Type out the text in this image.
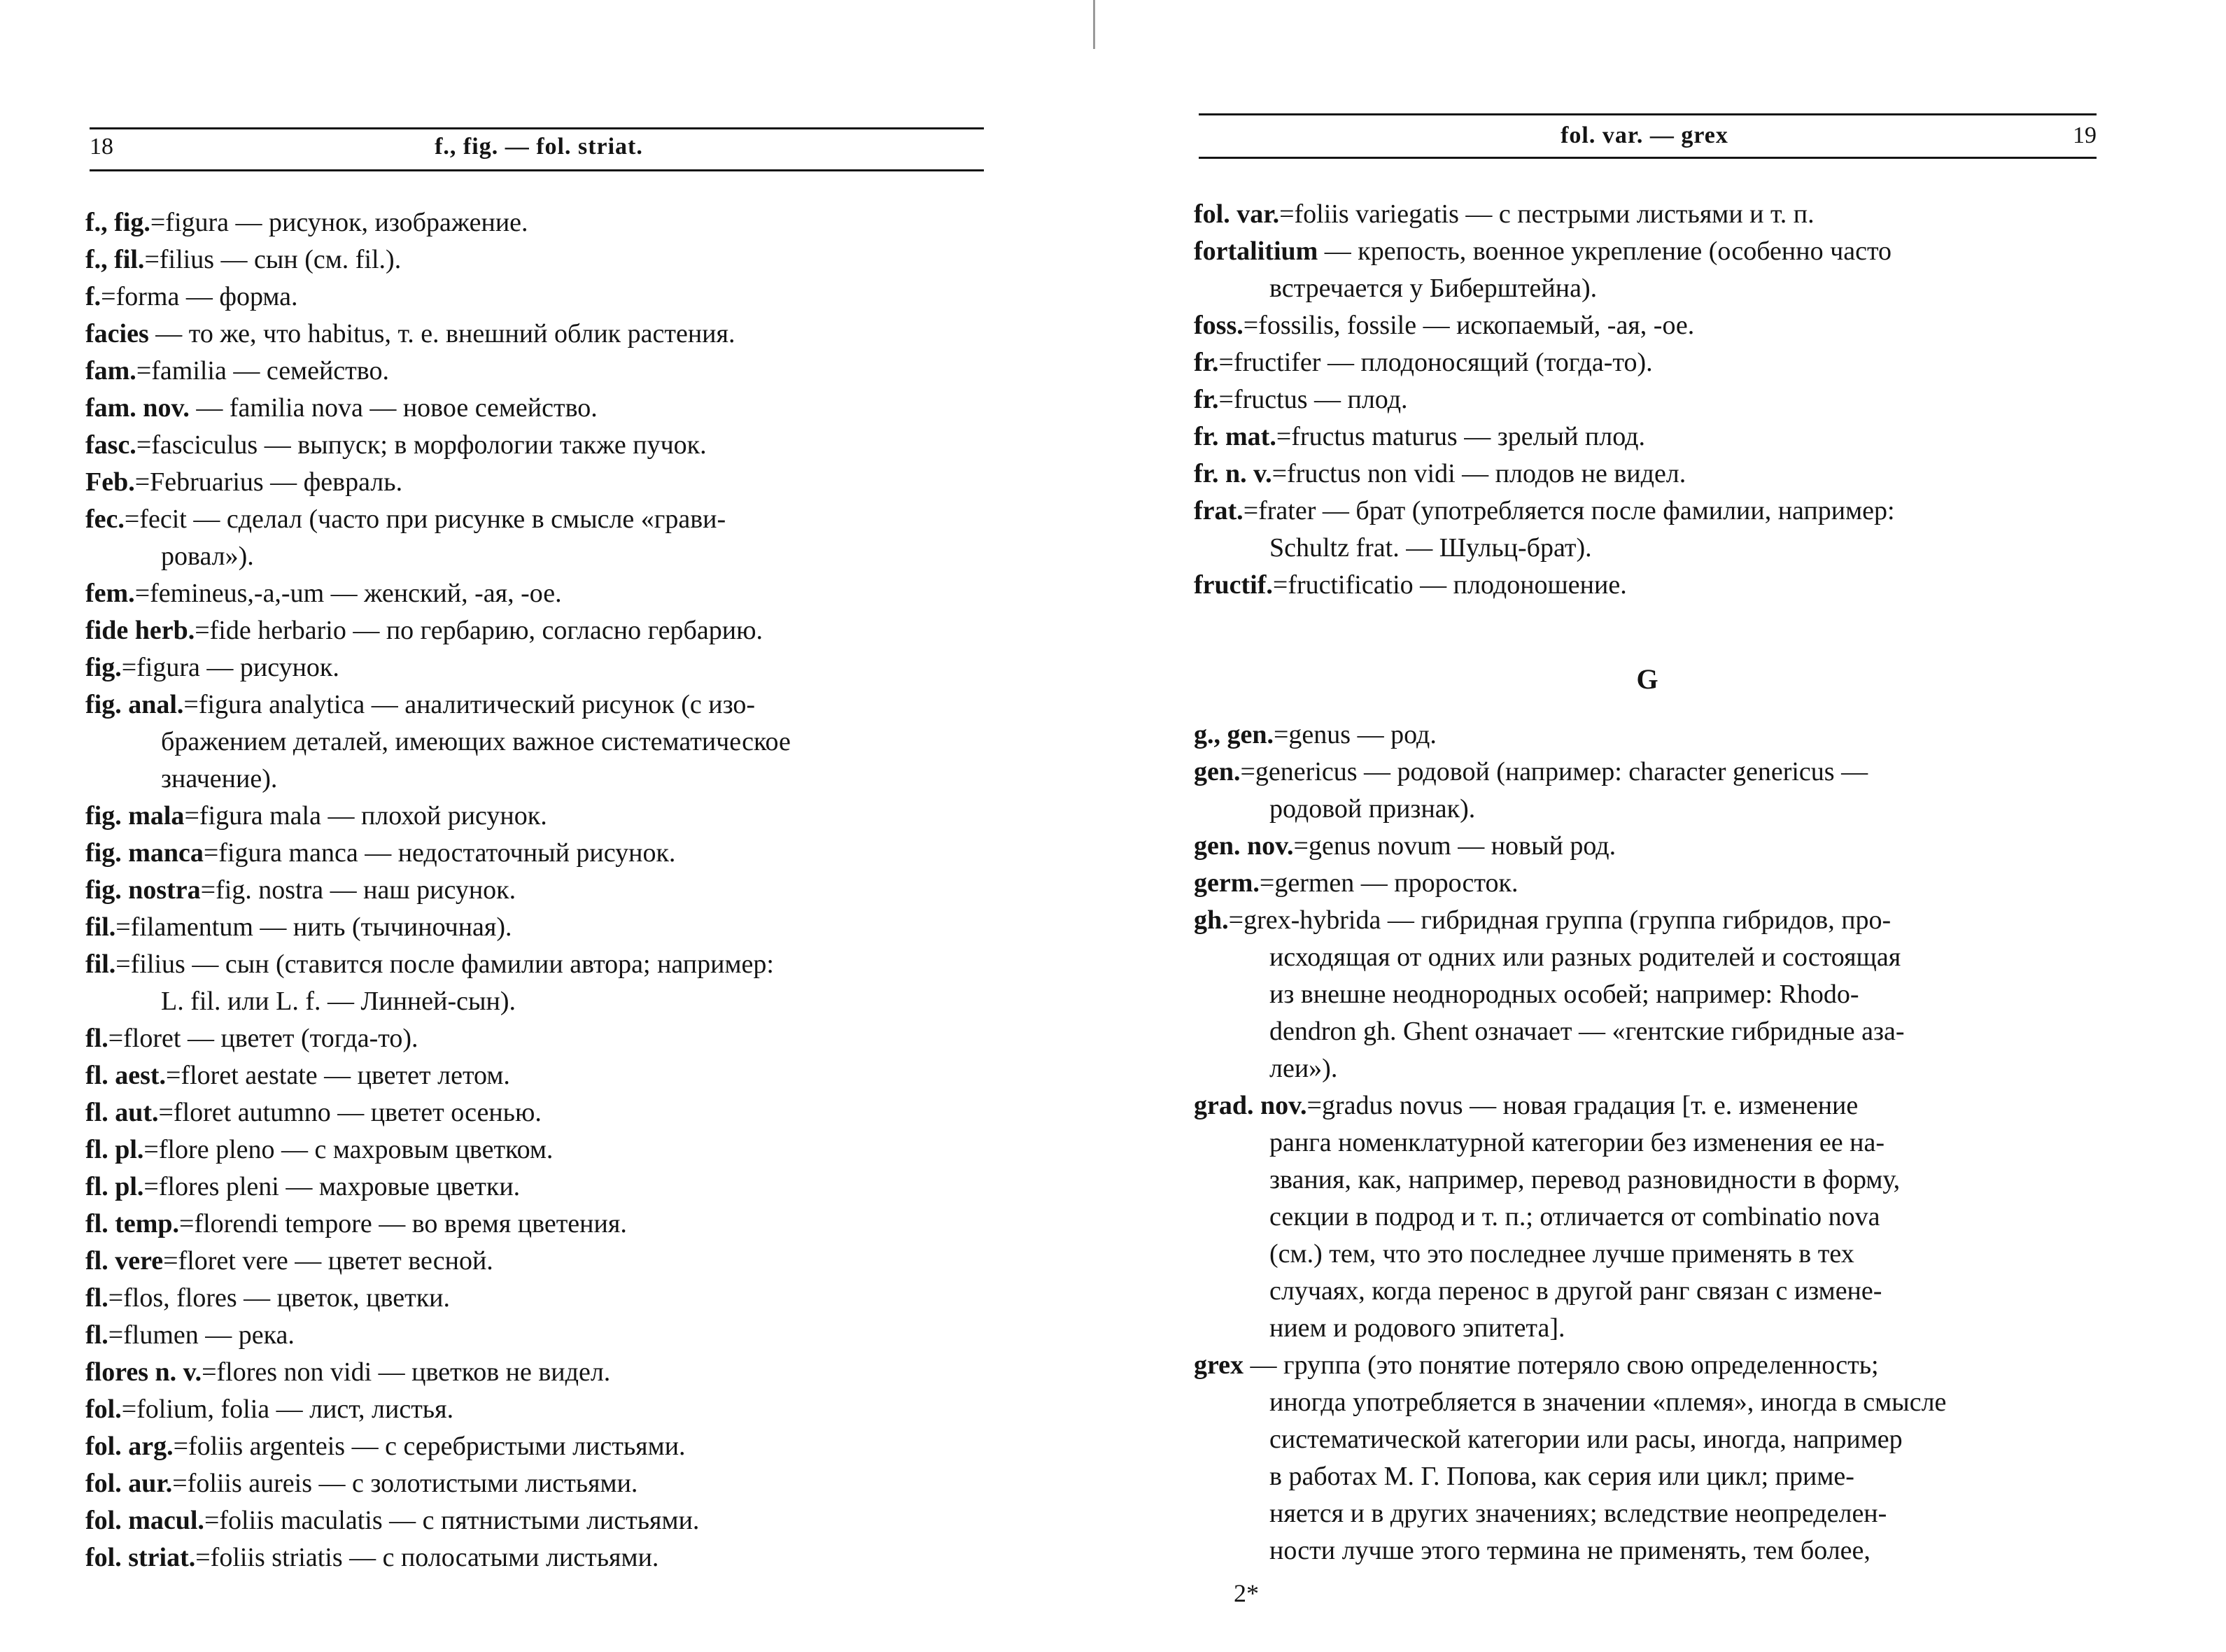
18	f., fig. — fol. striat.

f., fig.=figura — рисунок, изображение.

f., fil.=filius — сын (см. fil.).

f.=forma — форма.

facies — то же, что habitus, т. е. внешний облик растения.

fam.=familia — семейство.

fam. nov. — familia nova — новое семейство.

fasc.=fasciculus — выпуск; в морфологии также пучок.

Feb.=Februarius — февраль.

fec.=fecit — сделал (часто при рисунке в смысле «грави-

ровал»).

fem.=femineus,-a,-um — женский, -ая, -ое.

fide herb.=fide herbario — по гербарию, согласно гербарию.

fig.=figura — рисунок.

fig. anal.=figura analytica — аналитический рисунок (с изо-

бражением деталей, имеющих важное систематическое

значение).

fig. mala=figura mala — плохой рисунок.

fig. manca=figura manca — недостаточный рисунок.

fig. nostra=fig. nostra — наш рисунок.

fil.=filamentum — нить (тычиночная).

fil.=filius — сын (ставится после фамилии автора; например:

L. fil. или L. f. — Линней-сын).

fl.=floret — цветет (тогда-то).

fl. aest.=floret aestate — цветет летом.

fl. aut.=floret autumno — цветет осенью.

fl. pl.=flore pleno — с махровым цветком.

fl. pl.=flores pleni — махровые цветки.

fl. temp.=florendi tempore — во время цветения.

fl. vere=floret vere — цветет весной.

fl.=flos, flores — цветок, цветки.

fl.=flumen — река.

flores n. v.=flores non vidi — цветков не видел.

fol.=folium, folia — лист, листья.

fol. arg.=foliis argenteis — с серебристыми листьями.

fol. aur.=foliis aureis — с золотистыми листьями.

fol. macul.=foliis maculatis — с пятнистыми листьями.

fol. striat.=foliis striatis — с полосатыми листьями.

fol. var. — grex	19

fol. var.=foliis variegatis — с пестрыми листьями и т. п.

fortalitium — крепость, военное укрепление (особенно часто

встречается у Биберштейна).

foss.=fossilis, fossile — ископаемый, -ая, -ое.

fr.=fructifer — плодоносящий (тогда-то).

fr.=fructus — плод.

fr. mat.=fructus maturus — зрелый плод.

fr. n. v.=fructus non vidi — плодов не видел.

frat.=frater — брат (употребляется после фамилии, например:

Schultz frat. — Шульц-брат).

fructif.=fructificatio — плодоношение.

G

g., gen.=genus — род.

gen.=genericus — родовой (например: character genericus —

родовой признак).

gen. nov.=genus novum — новый род.

germ.=germen — проросток.

gh.=grex-hybrida — гибридная группа (группа гибридов, про-

исходящая от одних или разных родителей и состоящая

из внешне неоднородных особей; например: Rhodo-

dendron gh. Ghent означает — «гентские гибридные аза-

леи»).

grad. nov.=gradus novus — новая градация [т. е. изменение

ранга номенклатурной категории без изменения ее на-

звания, как, например, перевод разновидности в форму,

секции в подрод и т. п.; отличается от combinatio nova

(см.) тем, что это последнее лучше применять в тех

случаях, когда перенос в другой ранг связан с измене-

нием и родового эпитета].

grex — группа (это понятие потеряло свою определенность;

иногда употребляется в значении «племя», иногда в смысле

систематической категории или расы, иногда, например

в работах М. Г. Попова, как серия или цикл; приме-

няется и в других значениях; вследствие неопределен-

ности лучше этого термина не применять, тем более,

2*
